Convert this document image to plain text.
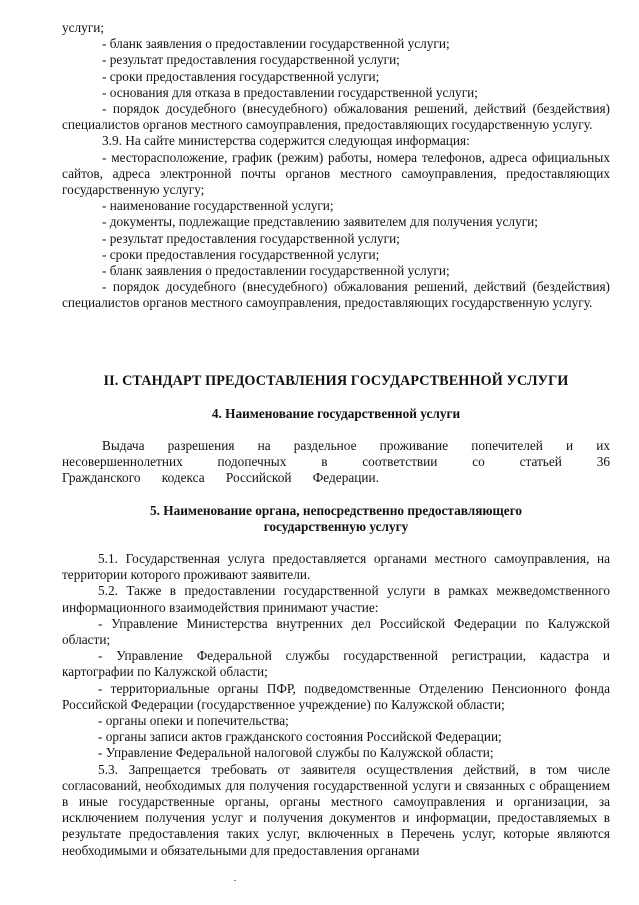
услуги;

- бланк заявления о предоставлении государственной услуги;

- результат предоставления государственной услуги;

- сроки предоставления государственной услуги;

- основания для отказа в предоставлении государственной услуги;

- порядок досудебного (внесудебного) обжалования решений, действий (бездействия) специалистов органов местного самоуправления, предоставляющих государственную услугу.

3.9. На сайте министерства содержится следующая информация:

- месторасположение, график (режим) работы, номера телефонов, адреса официальных сайтов, адреса электронной почты органов местного самоуправления, предоставляющих государственную услугу;

- наименование государственной услуги;

- документы, подлежащие представлению заявителем для получения услуги;

- результат предоставления государственной услуги;

- сроки предоставления государственной услуги;

- бланк заявления о предоставлении государственной услуги;

- порядок досудебного (внесудебного) обжалования решений, действий (бездействия) специалистов органов местного самоуправления, предоставляющих государственную услугу.

II. СТАНДАРТ ПРЕДОСТАВЛЕНИЯ ГОСУДАРСТВЕННОЙ УСЛУГИ

4. Наименование государственной услуги

Выдача разрешения на раздельное проживание попечителей и их несовершеннолетних подопечных в соответствии со статьей 36 Гражданского кодекса Российской Федерации.

5. Наименование органа, непосредственно предоставляющего

государственную услугу

5.1. Государственная услуга предоставляется органами местного самоуправления, на территории которого проживают заявители.

5.2. Также в предоставлении государственной услуги в рамках межведомственного информационного взаимодействия принимают участие:

- Управление Министерства внутренних дел Российской Федерации по Калужской области;

- Управление Федеральной службы государственной регистрации, кадастра и картографии по Калужской области;

- территориальные органы ПФР, подведомственные Отделению Пенсионного фонда Российской Федерации (государственное учреждение) по Калужской области;

- органы опеки и попечительства;

- органы записи актов гражданского состояния Российской Федерации;

- Управление Федеральной налоговой службы по Калужской области;

5.3. Запрещается требовать от заявителя осуществления действий, в том числе согласований, необходимых для получения государственной услуги и связанных с обращением в иные государственные органы, органы местного самоуправления и организации, за исключением получения услуг и получения документов и информации, предоставляемых в результате предоставления таких услуг, включенных в Перечень услуг, которые являются необходимыми и обязательными для предоставления органами
